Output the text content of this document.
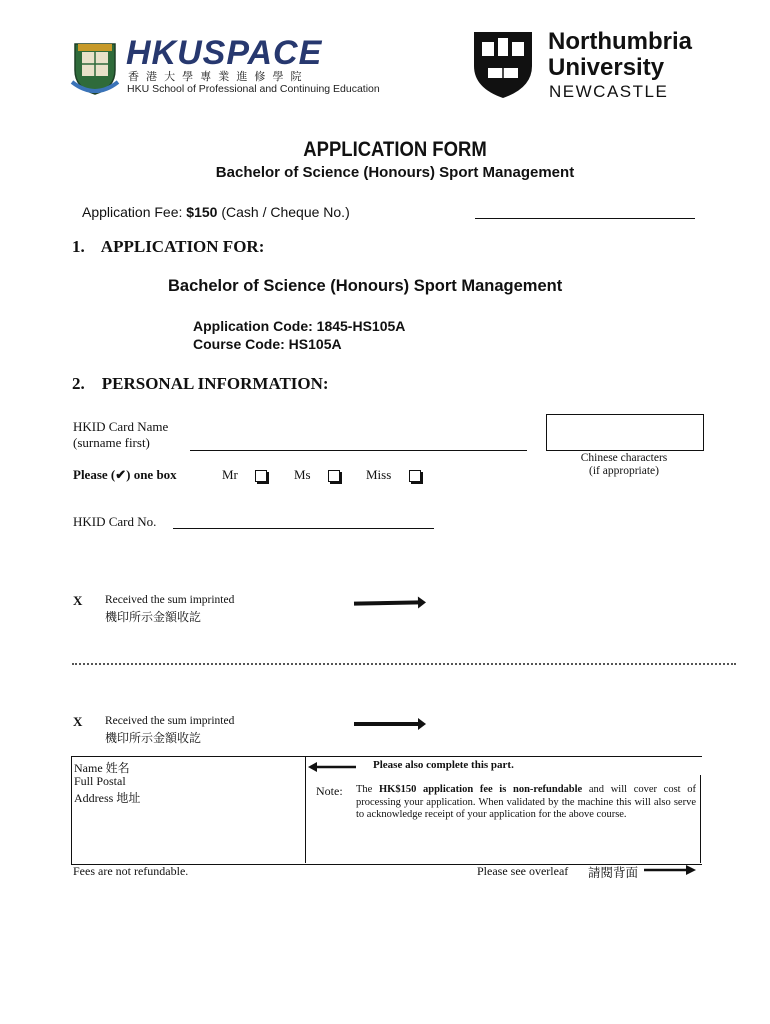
HKUSPACE
香 港 大 學 專 業 進 修 學 院
HKU School of Professional and Continuing Education
Northumbria
University
NEWCASTLE
APPLICATION FORM
Bachelor of Science (Honours) Sport Management
Application Fee: $150 (Cash / Cheque No.)
1.    APPLICATION FOR:
Bachelor of Science (Honours) Sport Management
Application Code: 1845-HS105A
Course Code: HS105A
2.    PERSONAL INFORMATION:
HKID Card Name
(surname first)
Chinese characters
(if appropriate)
Please (✔) one box	Mr	Ms	Miss
HKID Card No.
X Received the sum imprinted
機印所示金額收訖
X Received the sum imprinted
機印所示金額收訖
Name 姓名
Full Postal
Address 地址
Please also complete this part.
Note: The HK$150 application fee is non-refundable and will cover cost of processing your application. When validated by the machine this will also serve to acknowledge receipt of your application for the above course.
Fees are not refundable.	Please see overleaf 請閱背面
